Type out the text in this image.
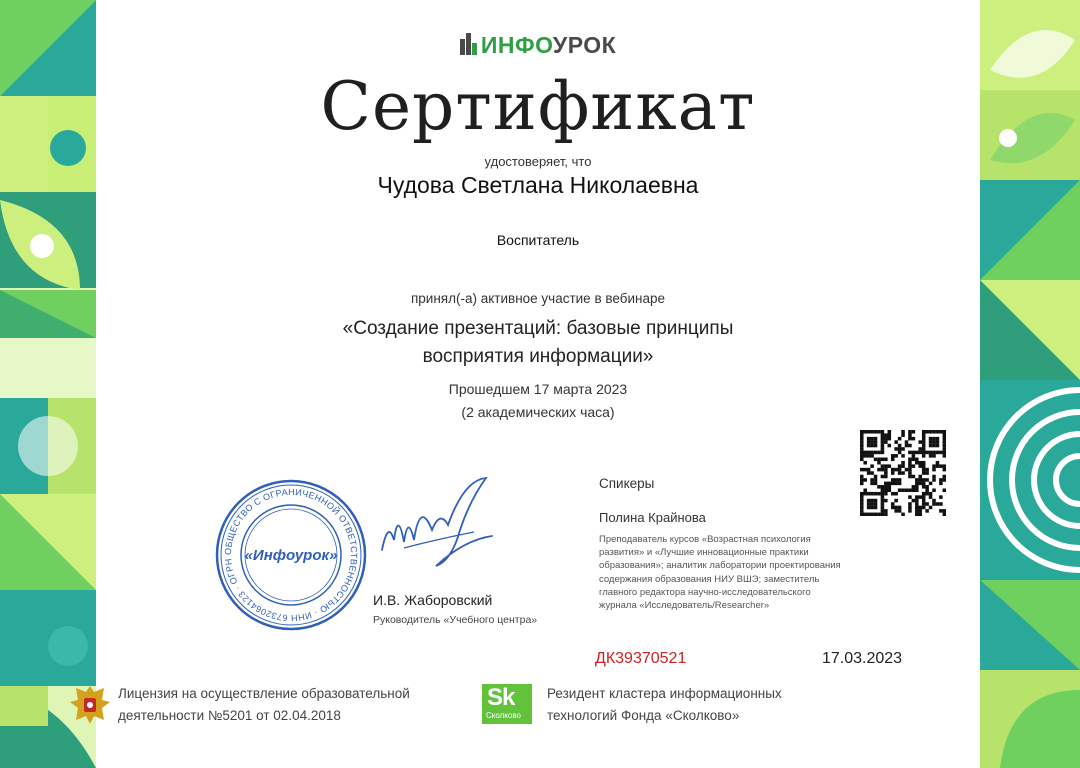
ИНФОУРОК
Сертификат
удостоверяет, что
Чудова Светлана Николаевна
Воспитатель
принял(-а) активное участие в вебинаре
«Создание презентаций: базовые принципы
восприятия информации»
Прошедшем 17 марта 2023
(2 академических часа)
ОБЩЕСТВО С ОГРАНИЧЕННОЙ ОТВЕТСТВЕННОСТЬЮ · ИНН 6732064123 · ОГРН «Инфоурок»
И.В. Жаборовский
Руководитель «Учебного центра»
Спикеры
Полина Крайнова
Преподаватель курсов «Возрастная психология
развития» и «Лучшие инновационные практики
образования»; аналитик лаборатории проектирования
содержания образования НИУ ВШЭ; заместитель
главного редактора научно-исследовательского
журнала «Исследователь/Researcher»
ДК39370521	17.03.2023
Лицензия на осуществление образовательной
деятельности №5201 от 02.04.2018
Sk
Сколково
Резидент кластера информационных
технологий Фонда «Сколково»
